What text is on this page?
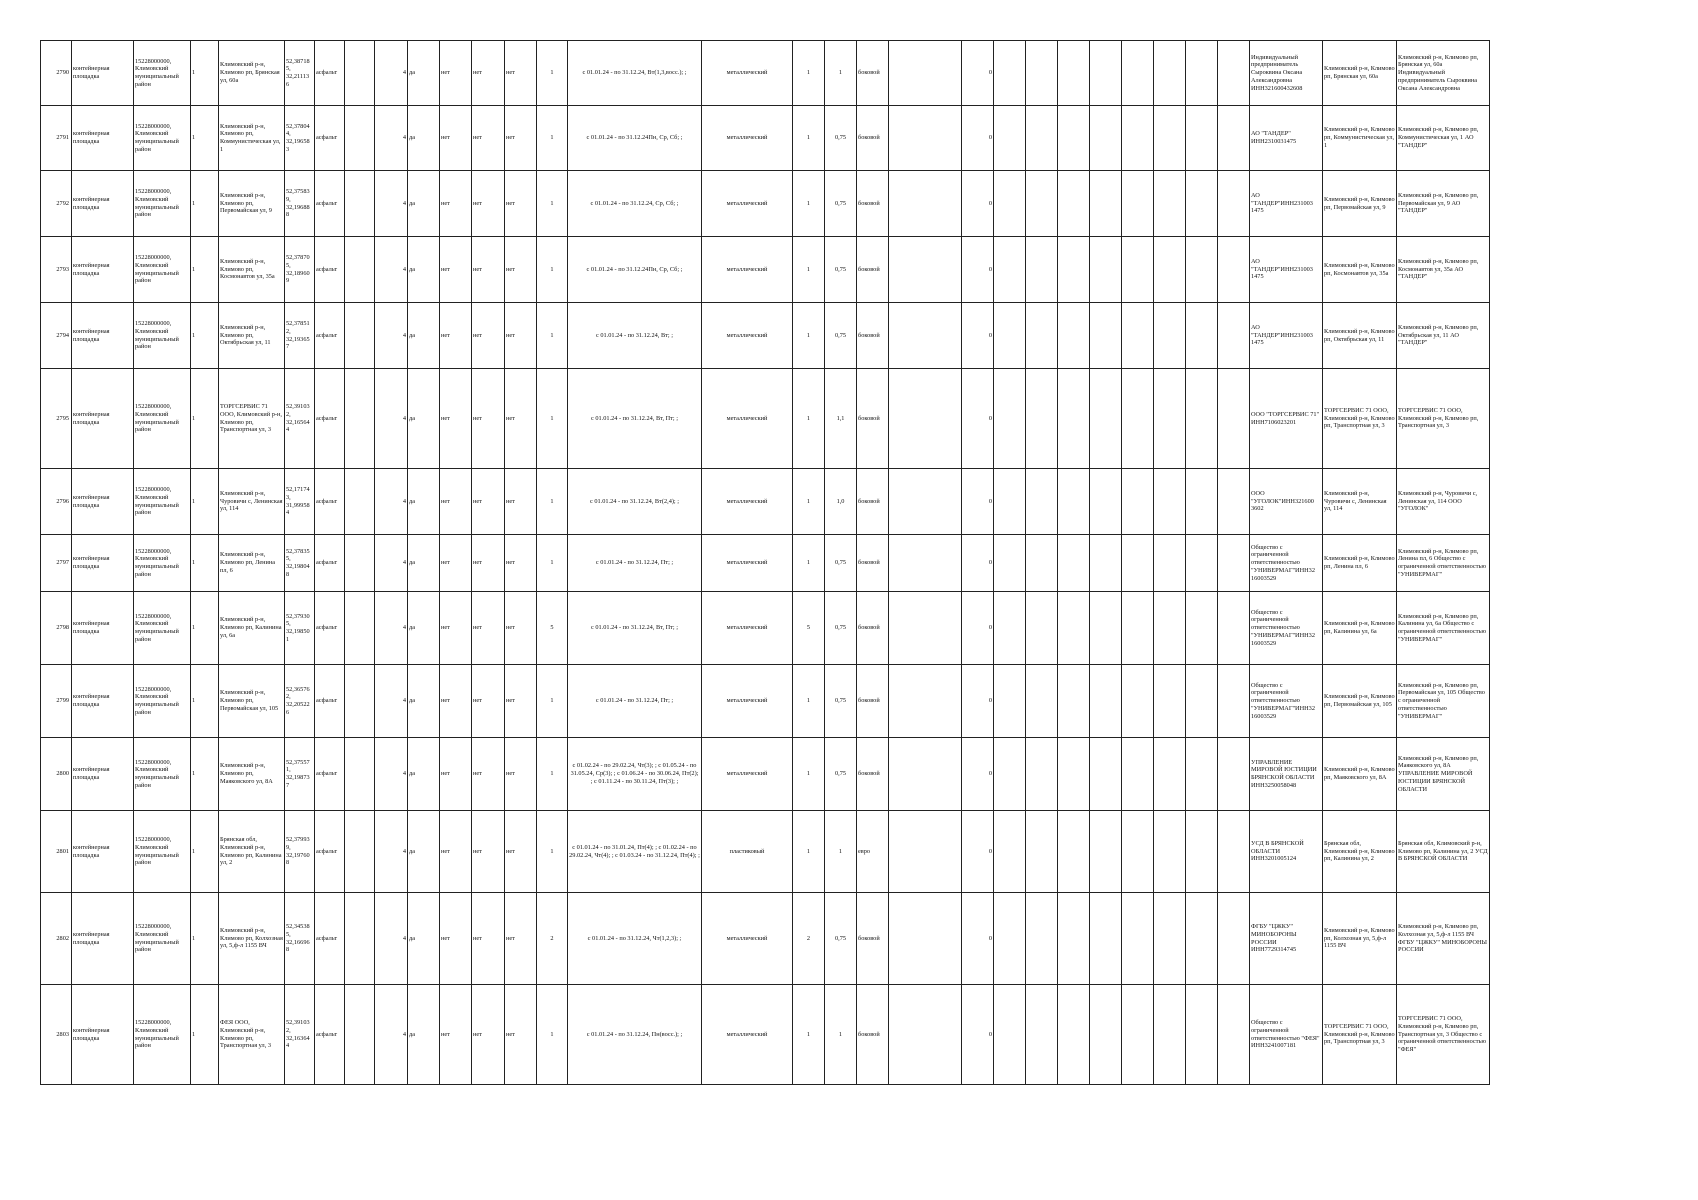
2790	контейнерная площадка	15228000000, Климовский муниципальный район	1	Климовский р-н, Климово рп, Брянская ул, 60а	52,38718 5, 32,21113 6	асфальт		4	да	нет	нет	нет	1	с 01.01.24 - по 31.12.24, Вт(1,3,восс.); ;	металлический	1	1	боковой		0									Индивидуальный предприниматель Сыроквина Оксана Александровна ИНН321600432608	Климовский р-н, Климово рп, Брянская ул, 60а	Климовский р-н, Климово рп, Брянская ул, 60а Индивидуальный предприниматель Сыроквина Оксана Александровна
2791	контейнерная площадка	15228000000, Климовский муниципальный район	1	Климовский р-н, Климово рп, Коммунистическая ул, 1	52,37804 4, 32,19658 3	асфальт		4	да	нет	нет	нет	1	с 01.01.24 - по 31.12.24Пн, Ср, Сб; ;	металлический	1	0,75	боковой		0									АО "ТАНДЕР" ИНН2310031475	Климовский р-н, Климово рп, Коммунистическая ул, 1	Климовский р-н, Климово рп, Коммунистическая ул, 1 АО "ТАНДЕР"
2792	контейнерная площадка	15228000000, Климовский муниципальный район	1	Климовский р-н, Климово рп, Первомайская ул, 9	52,37583 9, 32,19688 8	асфальт		4	да	нет	нет	нет	1	с 01.01.24 - по 31.12.24, Ср, Сб; ;	металлический	1	0,75	боковой		0									АО "ТАНДЕР"ИНН231003 1475	Климовский р-н, Климово рп, Первомайская ул, 9	Климовский р-н, Климово рп, Первомайская ул, 9 АО "ТАНДЕР"
2793	контейнерная площадка	15228000000, Климовский муниципальный район	1	Климовский р-н, Климово рп, Космонавтов ул, 35а	52,37870 5, 32,18960 9	асфальт		4	да	нет	нет	нет	1	с 01.01.24 - по 31.12.24Пн, Ср, Сб; ;	металлический	1	0,75	боковой		0									АО "ТАНДЕР"ИНН231003 1475	Климовский р-н, Климово рп, Космонавтов ул, 35а	Климовский р-н, Климово рп, Космонавтов ул, 35а АО "ТАНДЕР"
2794	контейнерная площадка	15228000000, Климовский муниципальный район	1	Климовский р-н, Климово рп, Октябрьская ул, 11	52,37851 2, 32,19365 7	асфальт		4	да	нет	нет	нет	1	с 01.01.24 - по 31.12.24, Вт; ;	металлический	1	0,75	боковой		0									АО "ТАНДЕР"ИНН231003 1475	Климовский р-н, Климово рп, Октябрьская ул, 11	Климовский р-н, Климово рп, Октябрьская ул, 11 АО "ТАНДЕР"
2795	контейнерная площадка	15228000000, Климовский муниципальный район	1	ТОРГСЕРВИС 71 ООО, Климовский р-н, Климово рп, Транспортная ул, 3	52,39103 2, 32,16564 4	асфальт		4	да	нет	нет	нет	1	с 01.01.24 - по 31.12.24, Вт, Пт; ;	металлический	1	1,1	боковой		0									ООО "ТОРГСЕРВИС 71" ИНН7106023201	ТОРГСЕРВИС 71 ООО, Климовский р-н, Климово рп, Транспортная ул, 3	ТОРГСЕРВИС 71 ООО, Климовский р-н, Климово рп, Транспортная ул, 3
2796	контейнерная площадка	15228000000, Климовский муниципальный район	1	Климовский р-н, Чуровичи с, Ленинская ул, 114	52,17174 3, 31,99958 4	асфальт		4	да	нет	нет	нет	1	с 01.01.24 - по 31.12.24, Вт(2,4); ;	металлический	1	1,0	боковой		0									ООО "УГОЛОК"ИНН321600 3602	Климовский р-н, Чуровичи с, Ленинская ул, 114	Климовский р-н, Чуровичи с, Ленинская ул, 114 ООО "УГОЛОК"
2797	контейнерная площадка	15228000000, Климовский муниципальный район	1	Климовский р-н, Климово рп, Ленина пл, 6	52,37835 5, 32,19804 8	асфальт		4	да	нет	нет	нет	1	с 01.01.24 - по 31.12.24, Пт; ;	металлический	1	0,75	боковой		0									Общество с ограниченной ответственностью "УНИВЕРМАГ"ИНН32 16003529	Климовский р-н, Климово рп, Ленина пл, 6	Климовский р-н, Климово рп, Ленина пл, 6 Общество с ограниченной ответственностью "УНИВЕРМАГ"
2798	контейнерная площадка	15228000000, Климовский муниципальный район	1	Климовский р-н, Климово рп, Калинина ул, 6а	52,37930 5, 32,19850 1	асфальт		4	да	нет	нет	нет	5	с 01.01.24 - по 31.12.24, Вт, Пт; ;	металлический	5	0,75	боковой		0									Общество с ограниченной ответственностью "УНИВЕРМАГ"ИНН32 16003529	Климовский р-н, Климово рп, Калинина ул, 6а	Климовский р-н, Климово рп, Калинина ул, 6а Общество с ограниченной ответственностью "УНИВЕРМАГ"
2799	контейнерная площадка	15228000000, Климовский муниципальный район	1	Климовский р-н, Климово рп, Первомайская ул, 105	52,36576 2, 32,20522 6	асфальт		4	да	нет	нет	нет	1	с 01.01.24 - по 31.12.24, Пт; ;	металлический	1	0,75	боковой		0									Общество с ограниченной ответственностью "УНИВЕРМАГ"ИНН32 16003529	Климовский р-н, Климово рп, Первомайская ул, 105	Климовский р-н, Климово рп, Первомайская ул, 105 Общество с ограниченной ответственностью "УНИВЕРМАГ"
2800	контейнерная площадка	15228000000, Климовский муниципальный район	1	Климовский р-н, Климово рп, Маяковского ул, 8А	52,37557 1, 32,19873 7	асфальт		4	да	нет	нет	нет	1	с 01.02.24 - по 29.02.24, Чт(3); ; с 01.05.24 - по 31.05.24, Ср(3); ; с 01.06.24 - по 30.06.24, Пт(2); ; с 01.11.24 - по 30.11.24, Пт(3); ;	металлический	1	0,75	боковой		0									УПРАВЛЕНИЕ МИРОВОЙ ЮСТИЦИИ БРЯНСКОЙ ОБЛАСТИ ИНН3250058048	Климовский р-н, Климово рп, Маяковского ул, 8А	Климовский р-н, Климово рп, Маяковского ул, 8А УПРАВЛЕНИЕ МИРОВОЙ ЮСТИЦИИ БРЯНСКОЙ ОБЛАСТИ
2801	контейнерная площадка	15228000000, Климовский муниципальный район	1	Брянская обл, Климовский р-н, Климово рп, Калинина ул, 2	52,37993 9, 32,19760 8	асфальт		4	да	нет	нет	нет	1	с 01.01.24 - по 31.01.24, Пт(4); ; с 01.02.24 - по 29.02.24, Чт(4); ; с 01.03.24 - по 31.12.24, Пт(4); ;	пластиковый	1	1	евро		0									УСД В БРЯНСКОЙ ОБЛАСТИ ИНН3201005124	Брянская обл, Климовский р-н, Климово рп, Калинина ул, 2	Брянская обл, Климовский р-н, Климово рп, Калинина ул, 2 УСД В БРЯНСКОЙ ОБЛАСТИ
2802	контейнерная площадка	15228000000, Климовский муниципальный район	1	Климовский р-н, Климово рп, Колхозная ул, 5,ф-л 1155 ВЧ	52,34538 5, 32,16696 8	асфальт		4	да	нет	нет	нет	2	с 01.01.24 - по 31.12.24, Чт(1,2,3); ;	металлический	2	0,75	боковой		0									ФГБУ "ЦЖКУ" МИНОБОРОНЫ РОССИИ ИНН7729314745	Климовский р-н, Климово рп, Колхозная ул, 5,ф-л 1155 ВЧ	Климовский р-н, Климово рп, Колхозная ул, 5,ф-л 1155 ВЧ ФГБУ "ЦЖКУ" МИНОБОРОНЫ РОССИИ
2803	контейнерная площадка	15228000000, Климовский муниципальный район	1	ФЕЯ ООО, Климовский р-н, Климово рп, Транспортная ул, 3	52,39103 2, 32,16364 4	асфальт		4	да	нет	нет	нет	1	с 01.01.24 - по 31.12.24, Пн(восс.); ;	металлический	1	1	боковой		0									Общество с ограниченной ответственностью "ФЕЯ" ИНН3241007181	ТОРГСЕРВИС 71 ООО, Климовский р-н, Климово рп, Транспортная ул, 3	ТОРГСЕРВИС 71 ООО, Климовский р-н, Климово рп, Транспортная ул, 3 Общество с ограниченной ответственностью "ФЕЯ"
